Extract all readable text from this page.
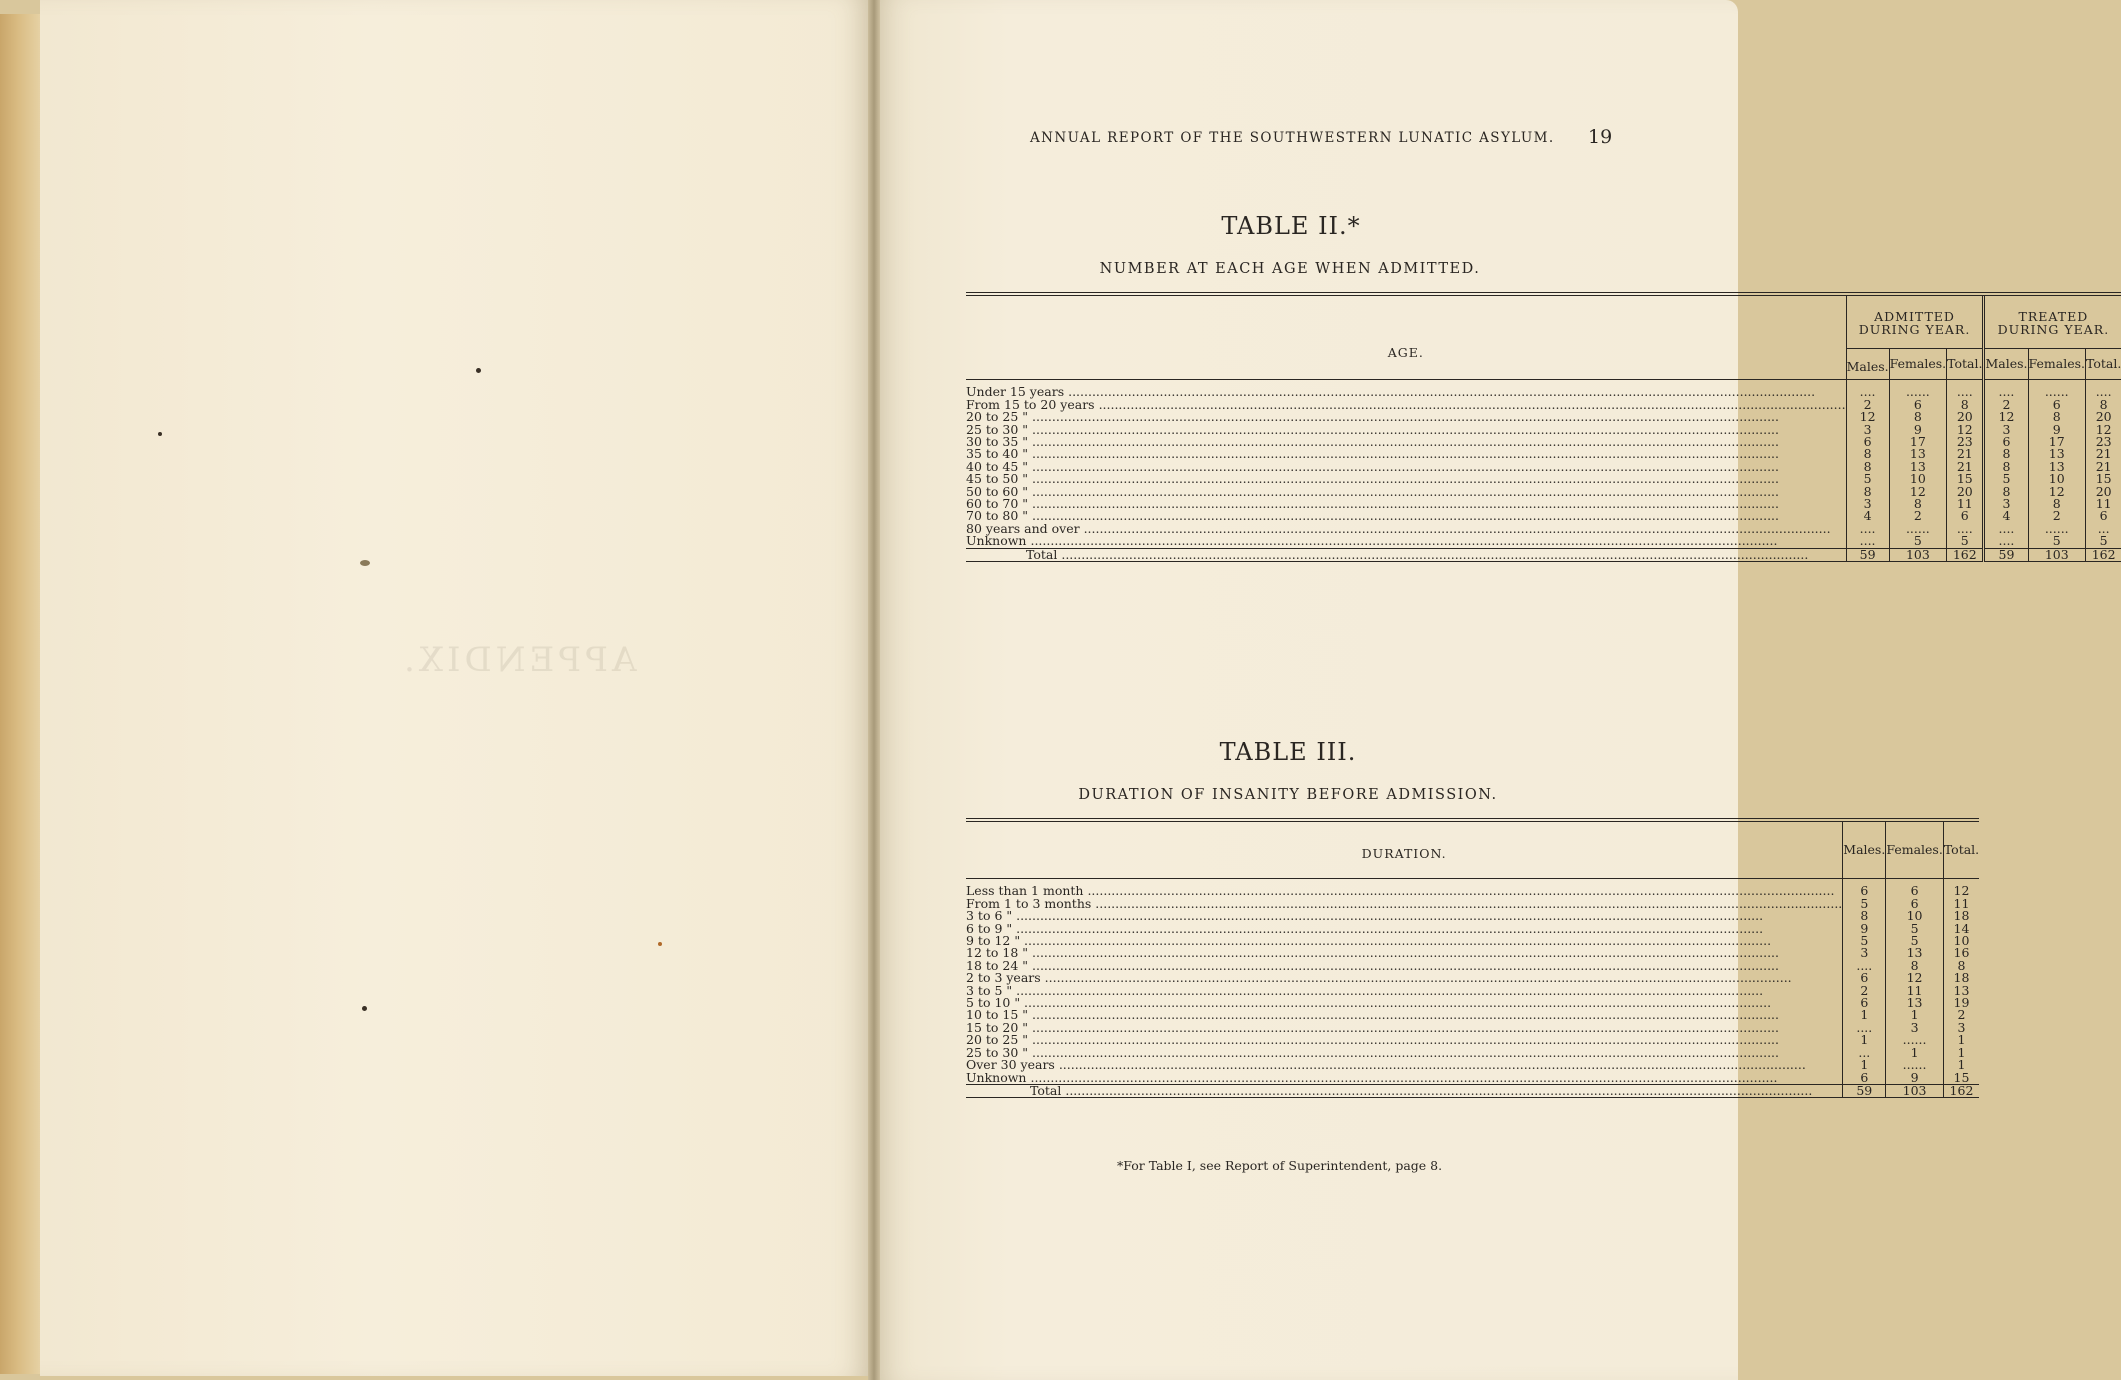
APPENDIX.
ANNUAL REPORT OF THE SOUTHWESTERN LUNATIC ASYLUM.	19
TABLE II.*
NUMBER AT EACH AGE WHEN ADMITTED.
AGE.	ADMITTED DURING YEAR.			TREATED DURING YEAR.		
	Males.	Females.	Total.	Males.	Females.	Total.

Under 15 years .....	....	......	....	....	......	....
From 15 to 20 years .....	2	6	8	2	6	8
20 to 25 " .....	12	8	20	12	8	20
25 to 30 " .....	3	9	12	3	9	12
30 to 35 " .....	6	17	23	6	17	23
35 to 40 " .....	8	13	21	8	13	21
40 to 45 " .....	8	13	21	8	13	21
45 to 50 " .....	5	10	15	5	10	15
50 to 60 " .....	8	12	20	8	12	20
60 to 70 " .....	3	8	11	3	8	11
70 to 80 " .....	4	2	6	4	2	6
80 years and over .....	....	......	....	....	......	...
Unknown .....	....	5	5	....	5	5
Total .....	59	103	162	59	103	162
TABLE III.
DURATION OF INSANITY BEFORE ADMISSION.
DURATION.	Males.	Females.	Total.

Less than 1 month .....	6	6	12
From 1 to 3 months .....	5	6	11
3 to 6 " .....	8	10	18
6 to 9 " .....	9	5	14
9 to 12 " .....	5	5	10
12 to 18 " .....	3	13	16
18 to 24 " .....	....	8	8
2 to 3 years .....	6	12	18
3 to 5 " .....	2	11	13
5 to 10 " .....	6	13	19
10 to 15 " .....	1	1	2
15 to 20 " .....	....	3	3
20 to 25 " .....	1	......	1
25 to 30 " .....	...	1	1
Over 30 years .....	1	......	1
Unknown .....	6	9	15
Total .....	59	103	162
*For Table I, see Report of Superintendent, page 8.
